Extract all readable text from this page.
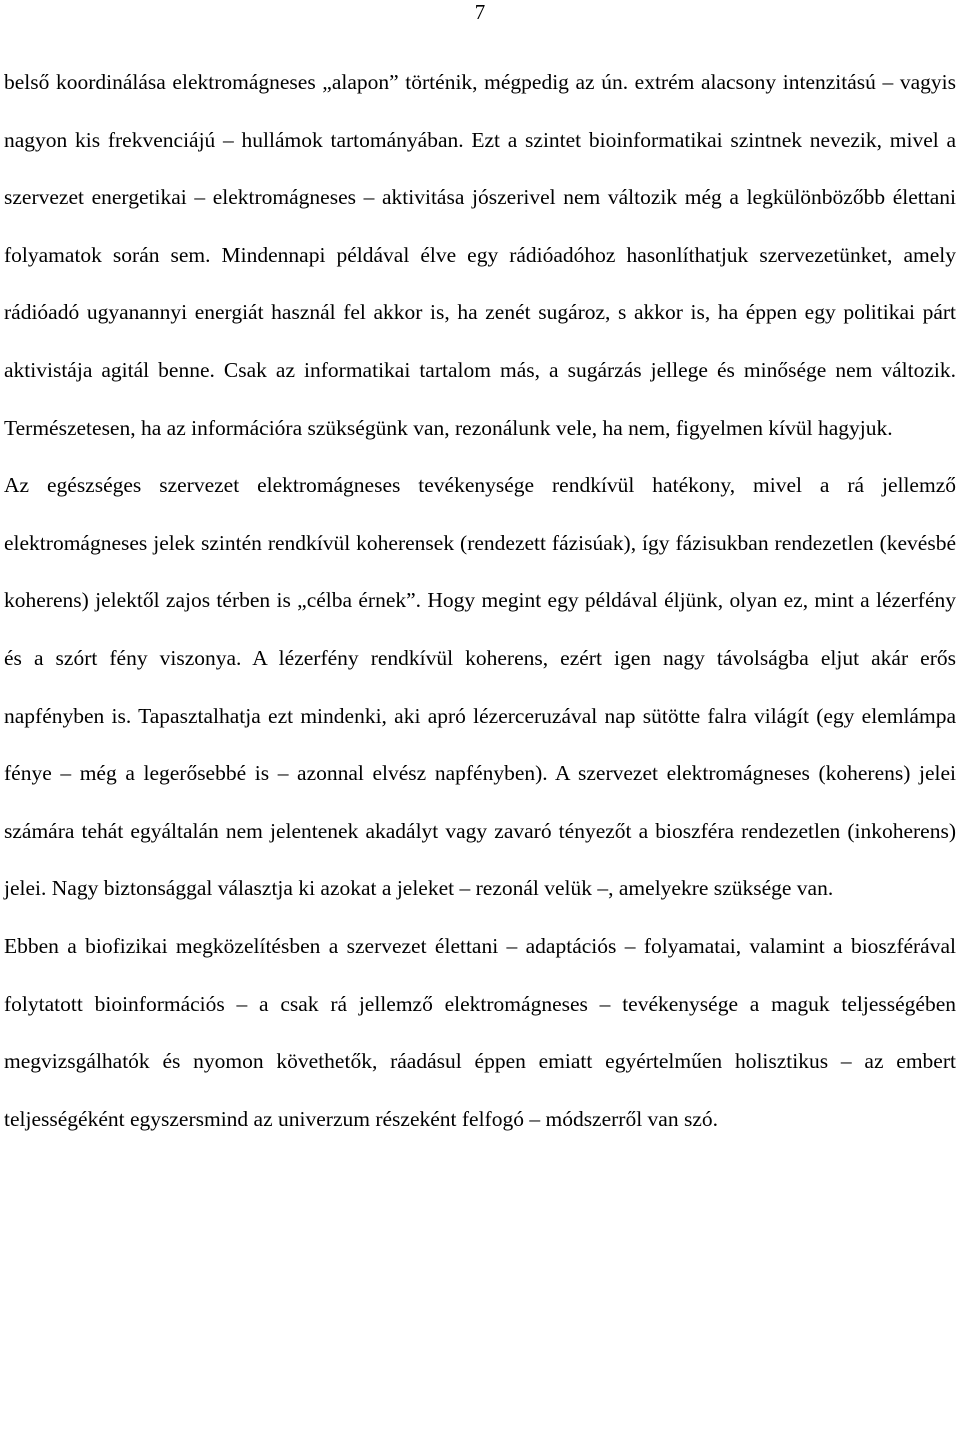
7

belső koordinálása elektromágneses „alapon” történik, mégpedig az ún. extrém alacsony intenzitású – vagyis nagyon kis frekvenciájú – hullámok tartományában. Ezt a szintet bioinformatikai szintnek nevezik, mivel a szervezet energetikai – elektromágneses – aktivitása jószerivel nem változik még a legkülönbözőbb élettani folyamatok során sem. Mindennapi példával élve egy rádióadóhoz hasonlíthatjuk szervezetünket, amely rádióadó ugyanannyi energiát használ fel akkor is, ha zenét sugároz, s akkor is, ha éppen egy politikai párt aktivistája agitál benne. Csak az informatikai tartalom más, a sugárzás jellege és minősége nem változik. Természetesen, ha az információra szükségünk van, rezonálunk vele, ha nem, figyelmen kívül hagyjuk.

Az egészséges szervezet elektromágneses tevékenysége rendkívül hatékony, mivel a rá jellemző elektromágneses jelek szintén rendkívül koherensek (rendezett fázisúak), így fázisukban rendezetlen (kevésbé koherens) jelektől zajos térben is „célba érnek”. Hogy megint egy példával éljünk, olyan ez, mint a lézerfény és a szórt fény viszonya. A lézerfény rendkívül koherens, ezért igen nagy távolságba eljut akár erős napfényben is. Tapasztalhatja ezt mindenki, aki apró lézerceruzával nap sütötte falra világít (egy elemlámpa fénye – még a legerősebbé is – azonnal elvész napfényben). A szervezet elektromágneses (koherens) jelei számára tehát egyáltalán nem jelentenek akadályt vagy zavaró tényezőt a bioszféra rendezetlen (inkoherens) jelei. Nagy biztonsággal választja ki azokat a jeleket – rezonál velük –, amelyekre szüksége van.

Ebben a biofizikai megközelítésben a szervezet élettani – adaptációs – folyamatai, valamint a bioszférával folytatott bioinformációs – a csak rá jellemző elektromágneses – tevékenysége a maguk teljességében megvizsgálhatók és nyomon követhetők, ráadásul éppen emiatt egyértelműen holisztikus – az embert teljességéként egyszersmind az univerzum részeként felfogó – módszerről van szó.
